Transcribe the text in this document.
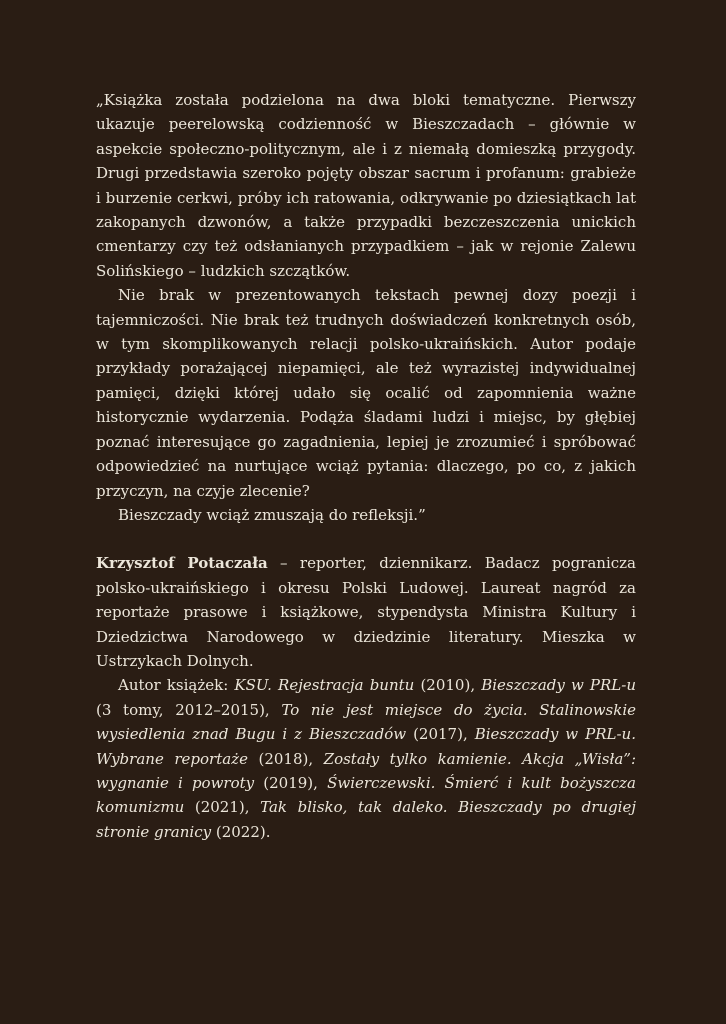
„Książka została podzielona na dwa bloki tematyczne. Pierwszy ukazuje peerelowską codzienność w Bieszczadach – głównie w aspekcie społeczno-politycznym, ale i z niemałą domieszką przygody. Drugi przedstawia szeroko pojęty obszar sacrum i profanum: grabieże i burzenie cerkwi, próby ich ratowania, odkrywanie po dziesiątkach lat zakopanych dzwonów, a także przypadki bezczeszczenia unickich cmentarzy czy też odsłanianych przypadkiem – jak w rejonie Zalewu Solińskiego – ludzkich szczątków.

Nie brak w prezentowanych tekstach pewnej dozy poezji i tajemniczości. Nie brak też trudnych doświadczeń konkretnych osób, w tym skomplikowanych relacji polsko-ukraińskich. Autor podaje przykłady porażającej niepamięci, ale też wyrazistej indywidualnej pamięci, dzięki której udało się ocalić od zapomnienia ważne historycznie wydarzenia. Podąża śladami ludzi i miejsc, by głębiej poznać interesujące go zagadnienia, lepiej je zrozumieć i spróbować odpowiedzieć na nurtujące wciąż pytania: dlaczego, po co, z jakich przyczyn, na czyje zlecenie?

Bieszczady wciąż zmuszają do refleksji.”

Krzysztof Potaczała – reporter, dziennikarz. Badacz pogranicza polsko-ukraińskiego i okresu Polski Ludowej. Laureat nagród za reportaże prasowe i książkowe, stypendysta Ministra Kultury i Dziedzictwa Narodowego w dziedzinie literatury. Mieszka w Ustrzykach Dolnych.

Autor książek: KSU. Rejestracja buntu (2010), Bieszczady w PRL-u (3 tomy, 2012–2015), To nie jest miejsce do życia. Stalinowskie wysiedlenia znad Bugu i z Bieszczadów (2017), Bieszczady w PRL-u. Wybrane reportaże (2018), Zostały tylko kamienie. Akcja „Wisła”: wygnanie i powroty (2019), Świerczewski. Śmierć i kult bożyszcza komunizmu (2021), Tak blisko, tak daleko. Bieszczady po drugiej stronie granicy (2022).
